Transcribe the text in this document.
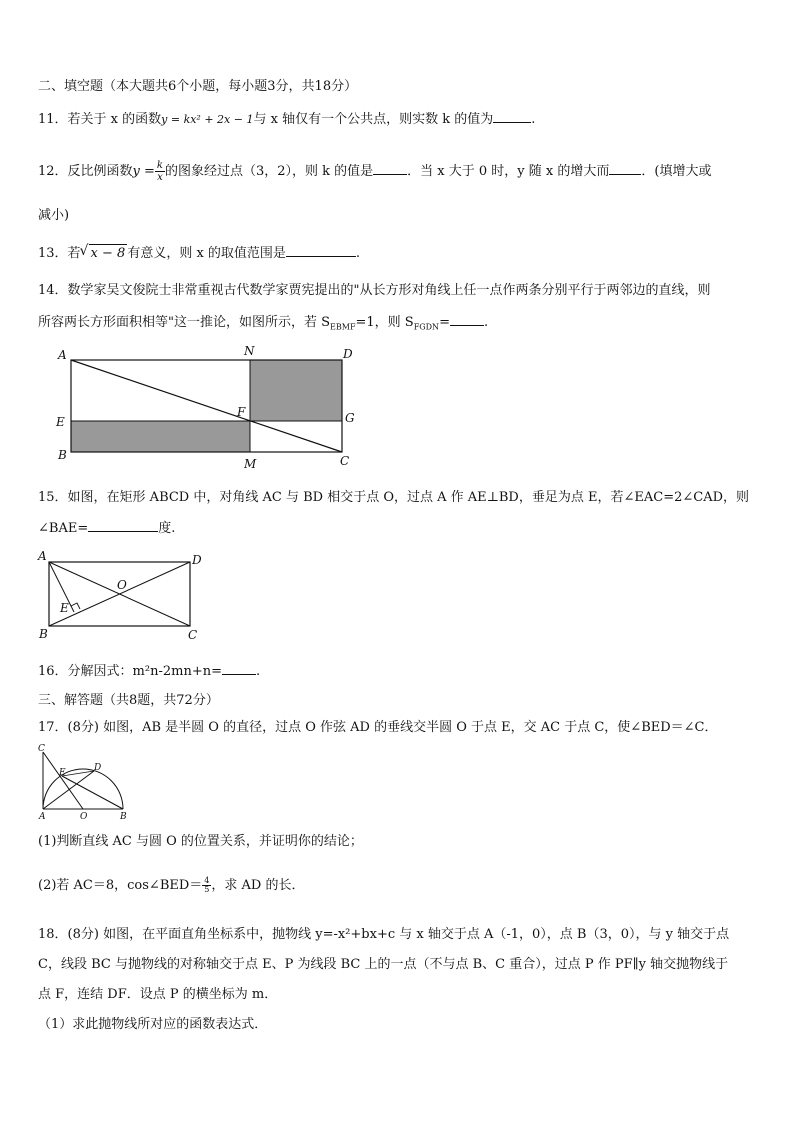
二、填空题（本大题共6个小题，每小题3分，共18分）
11．若关于 x 的函数y = kx² + 2x − 1与 x 轴仅有一个公共点，则实数 k 的值为	.
12．反比例函数$y = \frac{k}{x}$ 的图象经过点（3，2），则 k 的值是	．当 x 大于 0 时，y 随 x 的增大而 ．(填增大或
减小)
13．若√ x − 8 有意义，则 x 的取值范围是	.
14．数学家吴文俊院士非常重视古代数学家贾宪提出的"从长方形对角线上任一点作两条分别平行于两邻边的直线，则
所容两长方形面积相等"这一推论，如图所示，若 $S_{EBMF}=1$，则 $S_{FGDN}=$	.
A	N	D
E
F	G
B
M	C
15．如图，在矩形 ABCD 中，对角线 AC 与 BD 相交于点 O，过点 A 作 AE⊥BD，垂足为点 E，若∠EAC=2∠CAD，则
∠BAE=	度.
A	D
O
E
B	C
16．分解因式：m²n-2mn+n=	.
三、解答题（共8题，共72分）
17．(8分) 如图，AB 是半圆 O 的直径，过点 O 作弦 AD 的垂线交半圆 O 于点 E，交 AC 于点 C，使∠BED＝∠C．
C
E	D
A	O	B
(1)判断直线 AC 与圆 O 的位置关系，并证明你的结论；
(2)若 AC＝8，cos∠BED＝ $\frac{4}{5}$ ，求 AD 的长．
18．(8分) 如图，在平面直角坐标系中，抛物线 y=-x²+bx+c 与 x 轴交于点 A（-1，0），点 B（3，0），与 y 轴交于点
C，线段 BC 与抛物线的对称轴交于点 E、P 为线段 BC 上的一点（不与点 B、C 重合），过点 P 作 PF∥y 轴交抛物线于
点 F，连结 DF．设点 P 的横坐标为 m．
（1）求此抛物线所对应的函数表达式．
